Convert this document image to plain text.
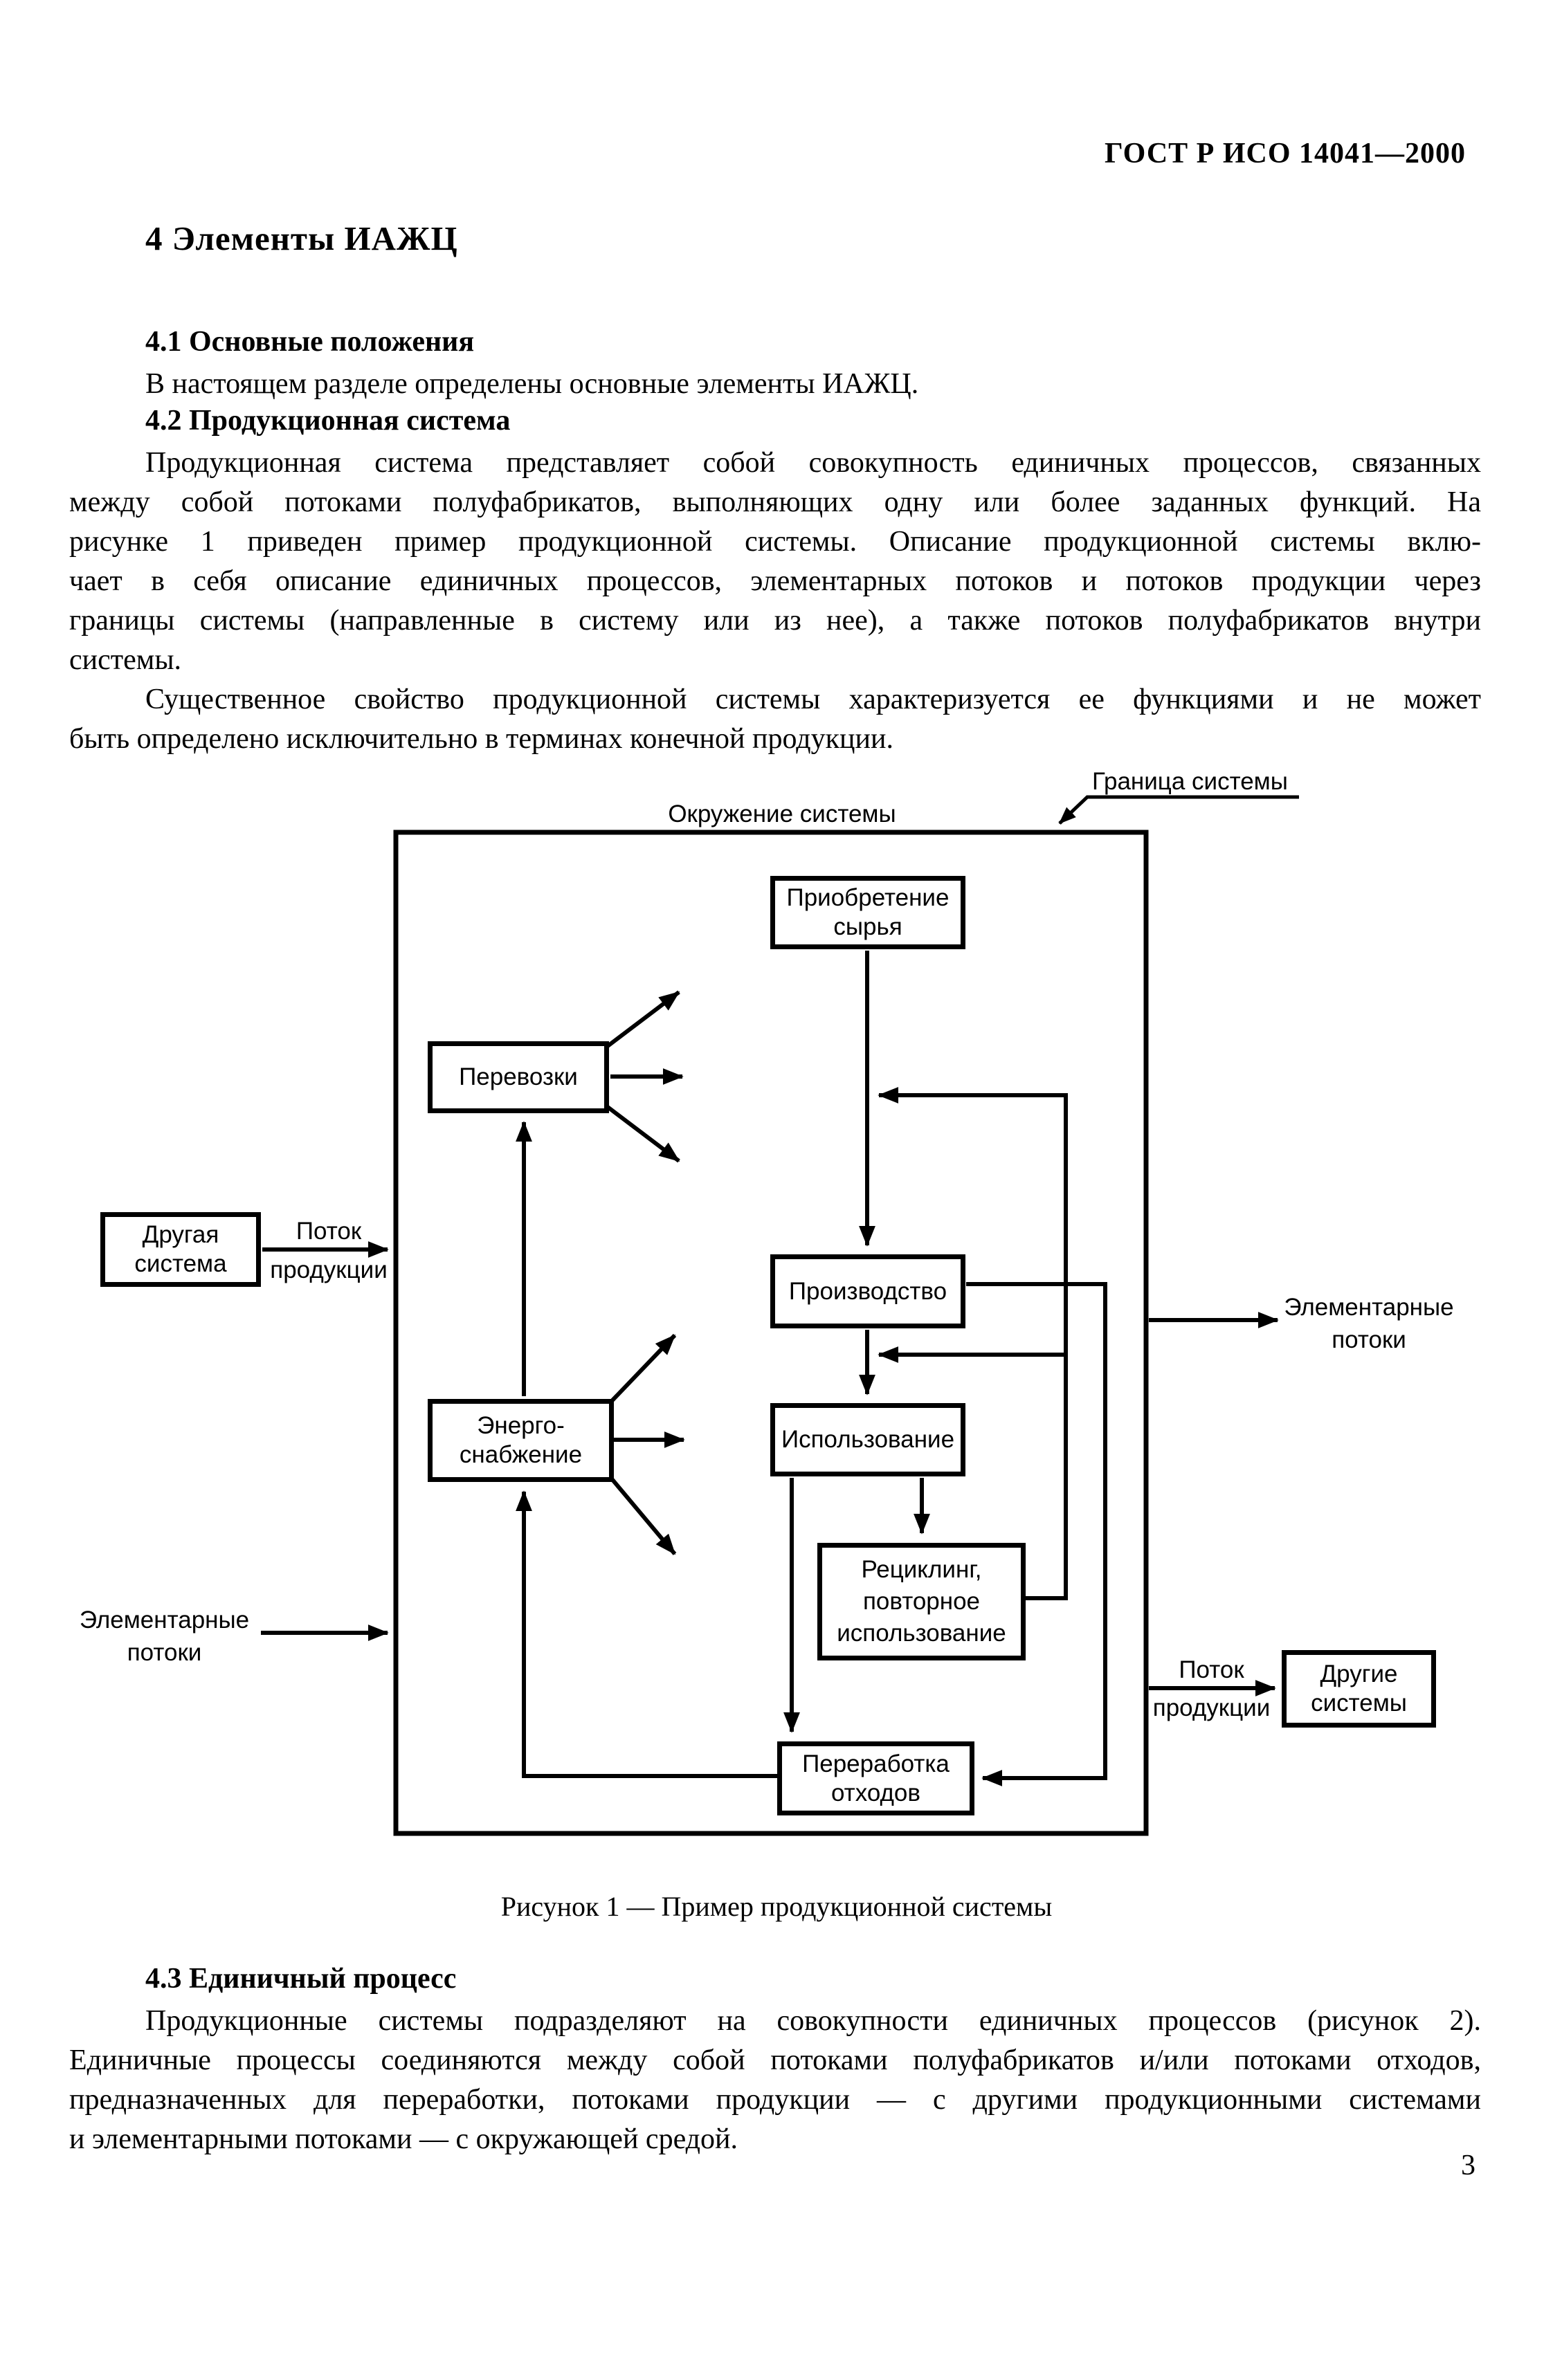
ГОСТ Р ИСО 14041—2000
4 Элементы ИАЖЦ
4.1 Основные положения
В настоящем разделе определены основные элементы ИАЖЦ.
4.2 Продукционная система
Продукционная система представляет собой совокупность единичных процессов, связанных
между собой потоками полуфабрикатов, выполняющих одну или более заданных функций. На
рисунке 1 приведен пример продукционной системы. Описание продукционной системы вклю-
чает в себя описание единичных процессов, элементарных потоков и потоков продукции через
границы системы (направленные в систему или из нее), а также потоков полуфабрикатов внутри
системы.
Существенное свойство продукционной системы характеризуется ее функциями и не может
быть определено исключительно в терминах конечной продукции.
Окружение системы
Граница системы
Приобретение
сырья
Перевозки
Производство
Энерго-
снабжение
Использование
Рециклинг,
повторное
использование
Переработка
отходов
Другая
система
Другие
системы
Поток
продукции
Элементарные
потоки
Элементарные
потоки
Поток
продукции
Рисунок 1 — Пример продукционной системы
4.3 Единичный процесс
Продукционные системы подразделяют на совокупности единичных процессов (рисунок 2).
Единичные процессы соединяются между собой потоками полуфабрикатов и/или потоками отходов,
предназначенных для переработки, потоками продукции — с другими продукционными системами
и элементарными потоками — с окружающей средой.
3
